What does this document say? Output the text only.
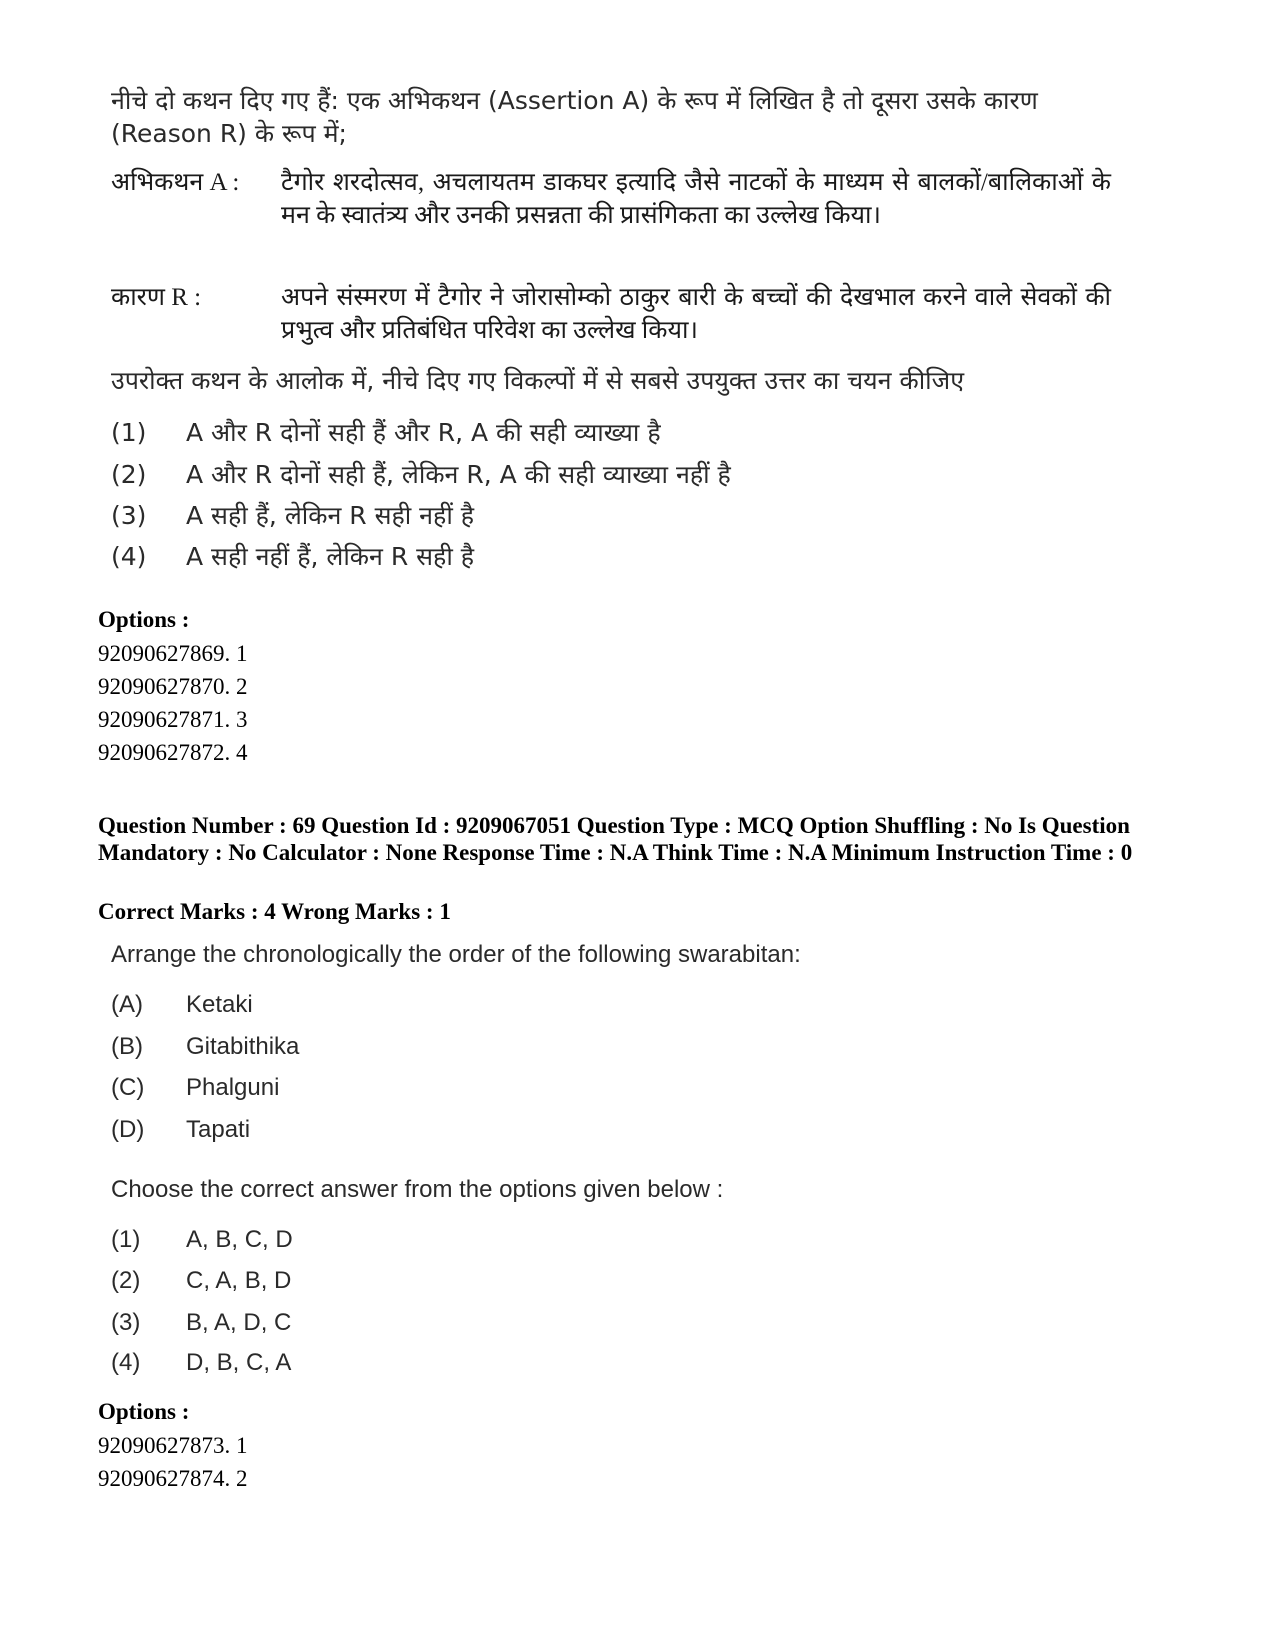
नीचे दो कथन दिए गए हैं: एक अभिकथन (Assertion A) के रूप में लिखित है तो दूसरा उसके कारण (Reason R) के रूप में;
अभिकथन A :	टैगोर शरदोत्सव, अचलायतम डाकघर इत्यादि जैसे नाटकों के माध्यम से बालकों/बालिकाओं के मन के स्वातंत्र्य और उनकी प्रसन्नता की प्रासंगिकता का उल्लेख किया।
कारण R :	अपने संस्मरण में टैगोर ने जोरासोम्को ठाकुर बारी के बच्चों की देखभाल करने वाले सेवकों की प्रभुत्व और प्रतिबंधित परिवेश का उल्लेख किया।
उपरोक्त कथन के आलोक में, नीचे दिए गए विकल्पों में से सबसे उपयुक्त उत्तर का चयन कीजिए
(1)	A और R दोनों सही हैं और R, A की सही व्याख्या है
(2)	A और R दोनों सही हैं, लेकिन R, A की सही व्याख्या नहीं है
(3)	A सही हैं, लेकिन R सही नहीं है
(4)	A सही नहीं हैं, लेकिन R सही है
Options :
92090627869. 1
92090627870. 2
92090627871. 3
92090627872. 4
Question Number : 69 Question Id : 9209067051 Question Type : MCQ Option Shuffling : No Is Question Mandatory : No Calculator : None Response Time : N.A Think Time : N.A Minimum Instruction Time : 0
Correct Marks : 4 Wrong Marks : 1
Arrange the chronologically the order of the following swarabitan:
(A)	Ketaki
(B)	Gitabithika
(C)	Phalguni
(D)	Tapati
Choose the correct answer from the options given below :
(1)	A, B, C, D
(2)	C, A, B, D
(3)	B, A, D, C
(4)	D, B, C, A
Options :
92090627873. 1
92090627874. 2
